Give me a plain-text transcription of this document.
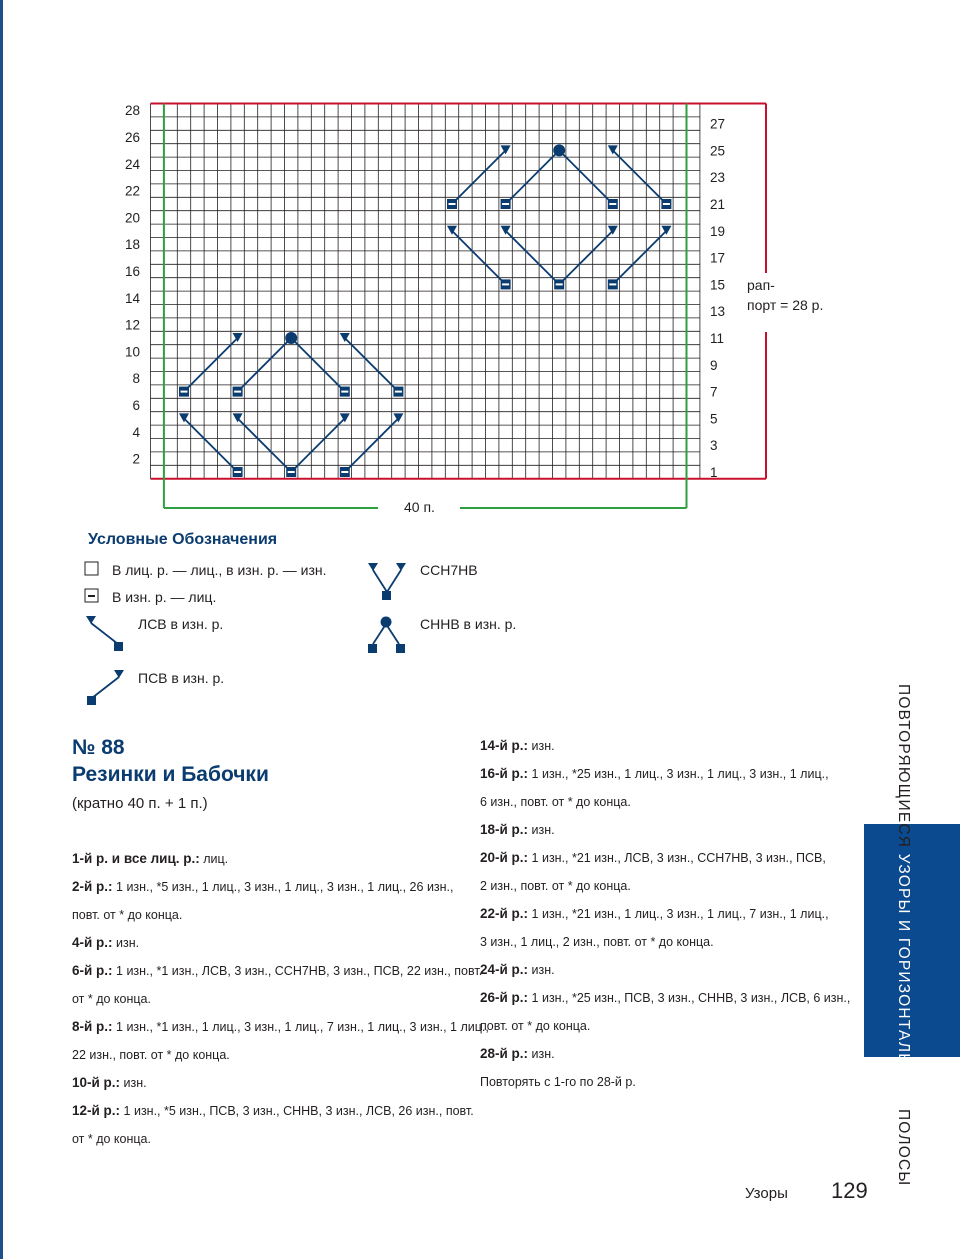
28
26
24
22
20
18
16
14
12
10
8
6
4
2
27
25
23
21
19
17
15
13
11
9
7
5
3
1
рап-
порт = 28 р.
40 п.
Условные Обозначения
В лиц. р. — лиц., в изн. р. — изн.
В изн. р. — лиц.
ЛСВ в изн. р.
ПСВ в изн. р.
ССН7НВ
СННВ в изн. р.
№ 88
Резинки и Бабочки
(кратно 40 п. + 1 п.)
1-й р. и все лиц. р.: лиц.
2-й р.: 1 изн., *5 изн., 1 лиц., 3 изн., 1 лиц., 3 изн., 1 лиц., 26 изн.,
повт. от * до конца.
4-й р.: изн.
6-й р.: 1 изн., *1 изн., ЛСВ, 3 изн., ССН7НВ, 3 изн., ПСВ, 22 изн., повт.
от * до конца.
8-й р.: 1 изн., *1 изн., 1 лиц., 3 изн., 1 лиц., 7 изн., 1 лиц., 3 изн., 1 лиц.,
22 изн., повт. от * до конца.
10-й р.: изн.
12-й р.: 1 изн., *5 изн., ПСВ, 3 изн., СННВ, 3 изн., ЛСВ, 26 изн., повт.
от * до конца.
14-й р.: изн.
16-й р.: 1 изн., *25 изн., 1 лиц., 3 изн., 1 лиц., 3 изн., 1 лиц.,
6 изн., повт. от * до конца.
18-й р.: изн.
20-й р.: 1 изн., *21 изн., ЛСВ, 3 изн., ССН7НВ, 3 изн., ПСВ,
2 изн., повт. от * до конца.
22-й р.: 1 изн., *21 изн., 1 лиц., 3 изн., 1 лиц., 7 изн., 1 лиц.,
3 изн., 1 лиц., 2 изн., повт. от * до конца.
24-й р.: изн.
26-й р.: 1 изн., *25 изн., ПСВ, 3 изн., СННВ, 3 изн., ЛСВ, 6 изн.,
повт. от * до конца.
28-й р.: изн.
Повторять с 1-го по 28-й р.
ПОВТОРЯЮЩИЕСЯ УЗОРЫ И ГОРИЗОНТАЛЬНЫЕ ПОЛОСЫ
Узоры 129
